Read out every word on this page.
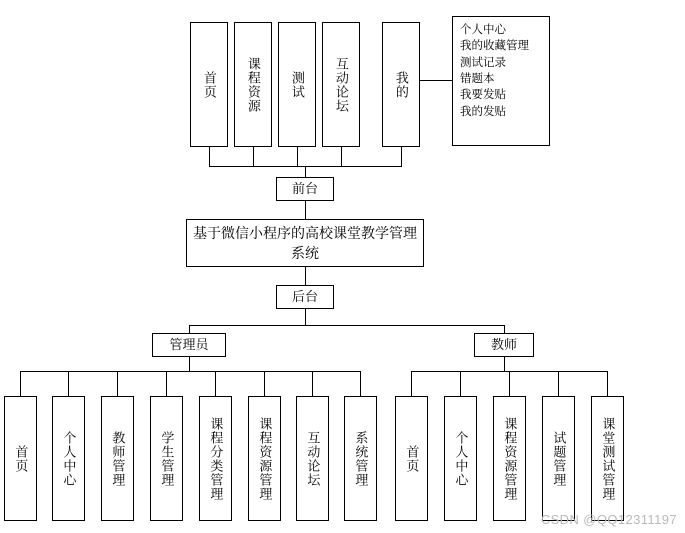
首页	课程资源	测试	互动论坛	我的
个人中心
我的收藏管理
测试记录
错题本
我要发贴
我的发贴
前台
基于微信小程序的高校课堂教学管理系统
后台
管理员	教师
首页	个人中心	教师管理	学生管理	课程分类管理	课程资源管理	互动论坛	系统管理	首页	个人中心	课程资源管理	试题管理	课堂测试管理
CSDN @QQ12311197
